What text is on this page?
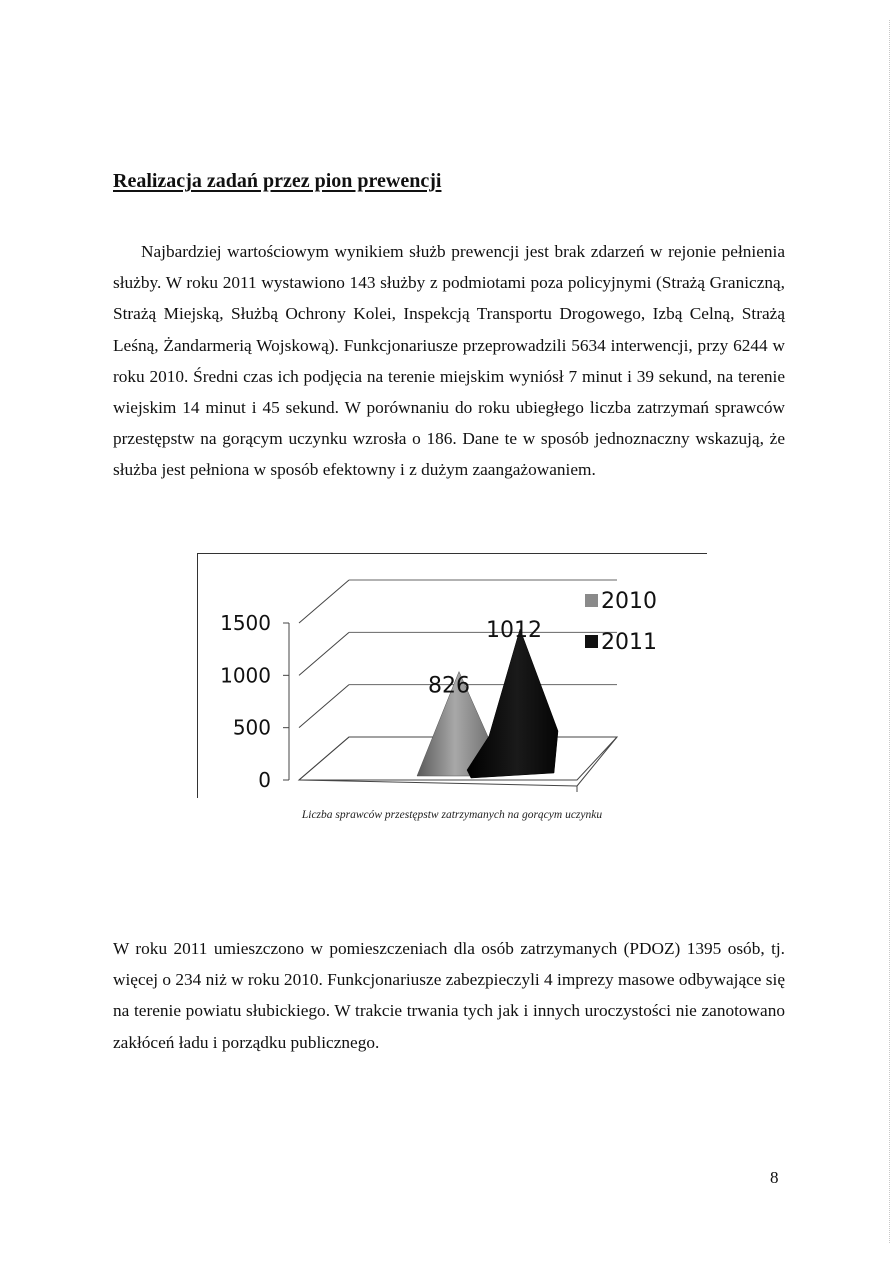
Realizacja zadań przez pion prewencji

Najbardziej wartościowym wynikiem służb prewencji jest brak zdarzeń w rejonie pełnienia służby. W roku 2011 wystawiono 143 służby z podmiotami poza policyjnymi (Strażą Graniczną, Strażą Miejską, Służbą Ochrony Kolei, Inspekcją Transportu Drogowego, Izbą Celną, Strażą Leśną, Żandarmerią Wojskową). Funkcjonariusze przeprowadzili 5634 interwencji, przy 6244 w roku 2010. Średni czas ich podjęcia na terenie miejskim wyniósł 7 minut i 39 sekund, na terenie wiejskim 14 minut i 45 sekund. W porównaniu do roku ubiegłego liczba zatrzymań sprawców przestępstw na gorącym uczynku wzrosła o 186. Dane te w sposób jednoznaczny wskazują, że służba jest pełniona w sposób efektowny i z dużym zaangażowaniem.

0
500
1000
1500
826
1012
2010
2011

Liczba sprawców przestępstw zatrzymanych na gorącym uczynku

W roku 2011 umieszczono w pomieszczeniach dla osób zatrzymanych (PDOZ) 1395 osób, tj. więcej o 234 niż w roku 2010. Funkcjonariusze zabezpieczyli 4 imprezy masowe odbywające się na terenie powiatu słubickiego. W trakcie trwania tych jak i innych uroczystości nie zanotowano zakłóceń ładu i porządku publicznego.

8
